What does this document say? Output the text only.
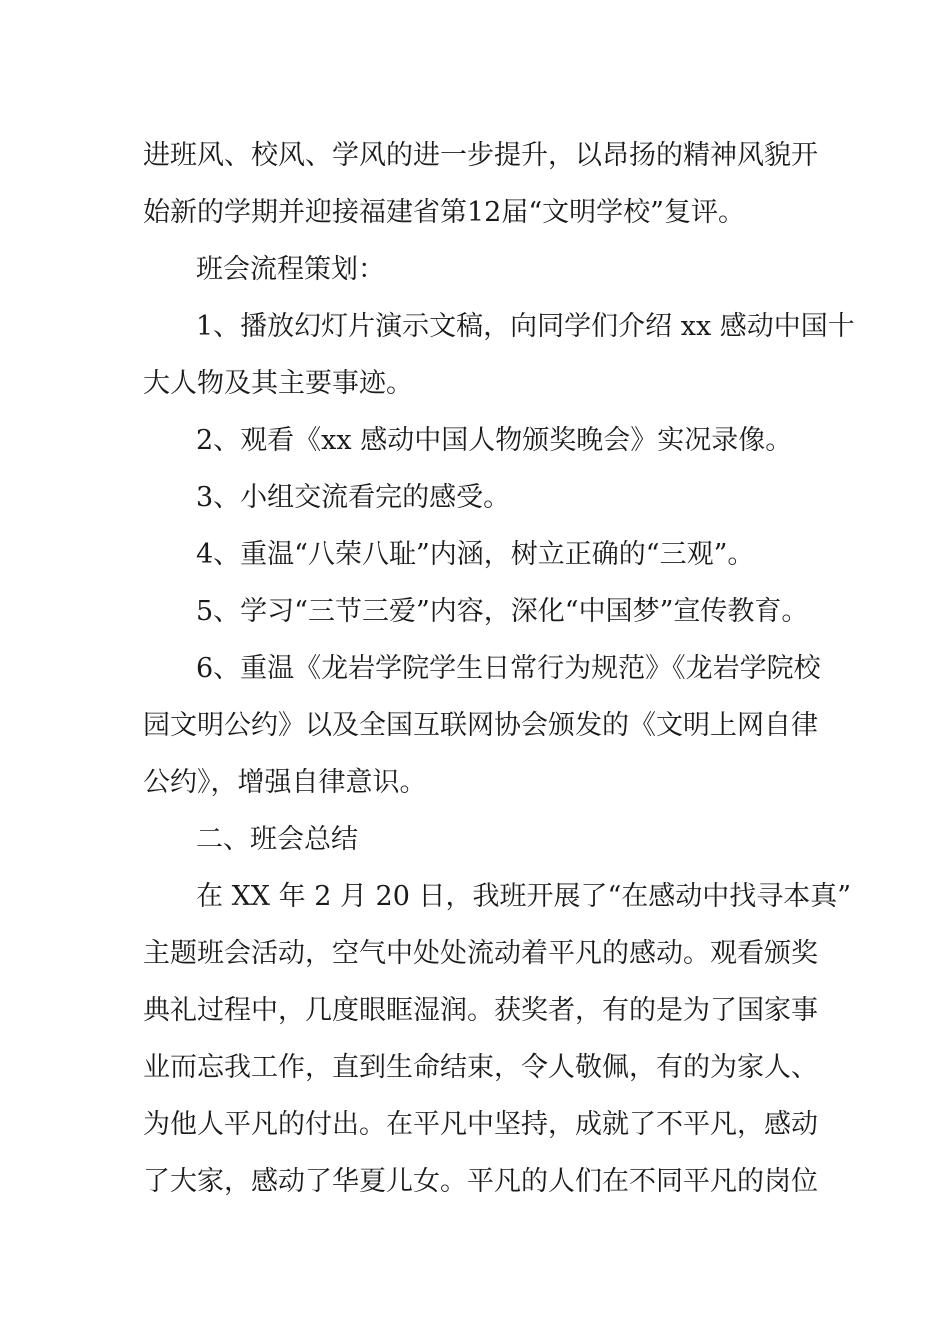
进班风、校风、学风的进一步提升，以昂扬的精神风貌开
始新的学期并迎接福建省第12届“文明学校”复评。
班会流程策划：
1、播放幻灯片演示文稿，向同学们介绍 xx 感动中国十
大人物及其主要事迹。
2、观看《xx 感动中国人物颁奖晚会》实况录像。
3、小组交流看完的感受。
4、重温“八荣八耻”内涵，树立正确的“三观”。
5、学习“三节三爱”内容，深化“中国梦”宣传教育。
6、重温《龙岩学院学生日常行为规范》《龙岩学院校
园文明公约》以及全国互联网协会颁发的《文明上网自律
公约》，增强自律意识。
二、班会总结
在 XX 年 2 月 20 日，我班开展了“在感动中找寻本真”
主题班会活动，空气中处处流动着平凡的感动。观看颁奖
典礼过程中，几度眼眶湿润。获奖者，有的是为了国家事
业而忘我工作，直到生命结束，令人敬佩，有的为家人、
为他人平凡的付出。在平凡中坚持，成就了不平凡，感动
了大家，感动了华夏儿女。平凡的人们在不同平凡的岗位
